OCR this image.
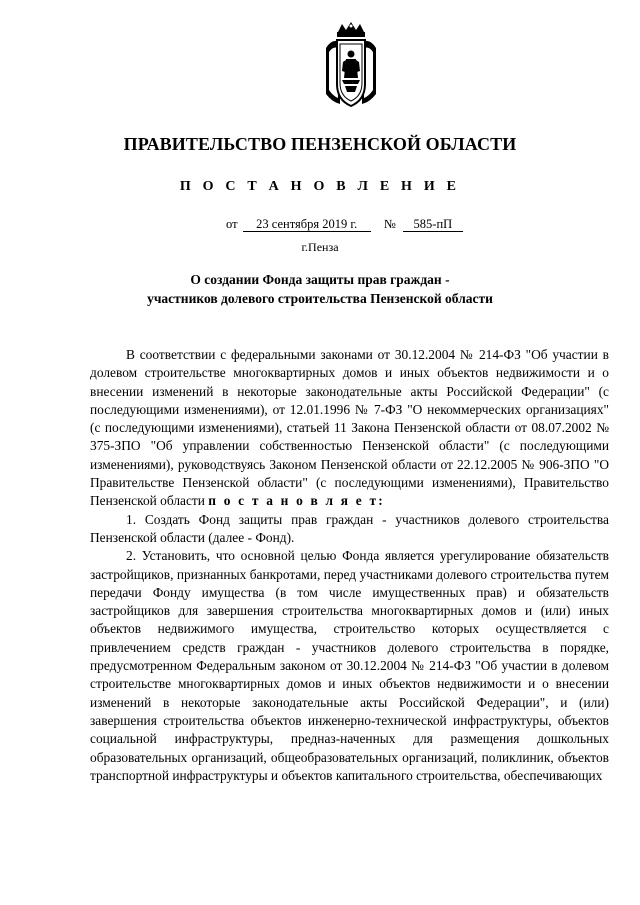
ПРАВИТЕЛЬСТВО ПЕНЗЕНСКОЙ ОБЛАСТИ
П О С Т А Н О В Л Е Н И Е
от 23 сентября 2019 г. № 585-пП
г.Пенза
О создании Фонда защиты прав граждан -
участников долевого строительства Пензенской области

В соответствии с федеральными законами от 30.12.2004 № 214-ФЗ "Об участии в долевом строительстве многоквартирных домов и иных объектов недвижимости и о внесении изменений в некоторые законодательные акты Российской Федерации" (с последующими изменениями), от 12.01.1996 № 7-ФЗ "О некоммерческих организациях" (с последующими изменениями), статьей 11 Закона Пензенской области от 08.07.2002 № 375-ЗПО "Об управлении собственностью Пензенской области" (с последующими изменениями), руководствуясь Законом Пензенской области от 22.12.2005 № 906-ЗПО "О Правительстве Пензенской области" (с последующими изменениями), Правительство Пензенской области п о с т а н о в л я е т:

1. Создать Фонд защиты прав граждан - участников долевого строительства Пензенской области (далее - Фонд).

2. Установить, что основной целью Фонда является урегулирование обязательств застройщиков, признанных банкротами, перед участниками долевого строительства путем передачи Фонду имущества (в том числе имущественных прав) и обязательств застройщиков для завершения строительства многоквартирных домов и (или) иных объектов недвижимого имущества, строительство которых осуществляется с привлечением средств граждан - участников долевого строительства в порядке, предусмотренном Федеральным законом от 30.12.2004 № 214-ФЗ "Об участии в долевом строительстве многоквартирных домов и иных объектов недвижимости и о внесении изменений в некоторые законодательные акты Российской Федерации", и (или) завершения строительства объектов инженерно-технической инфраструктуры, объектов социальной инфраструктуры, предназ-наченных для размещения дошкольных образовательных организаций, общеобразовательных организаций, поликлиник, объектов транспортной инфраструктуры и объектов капитального строительства, обеспечивающих
